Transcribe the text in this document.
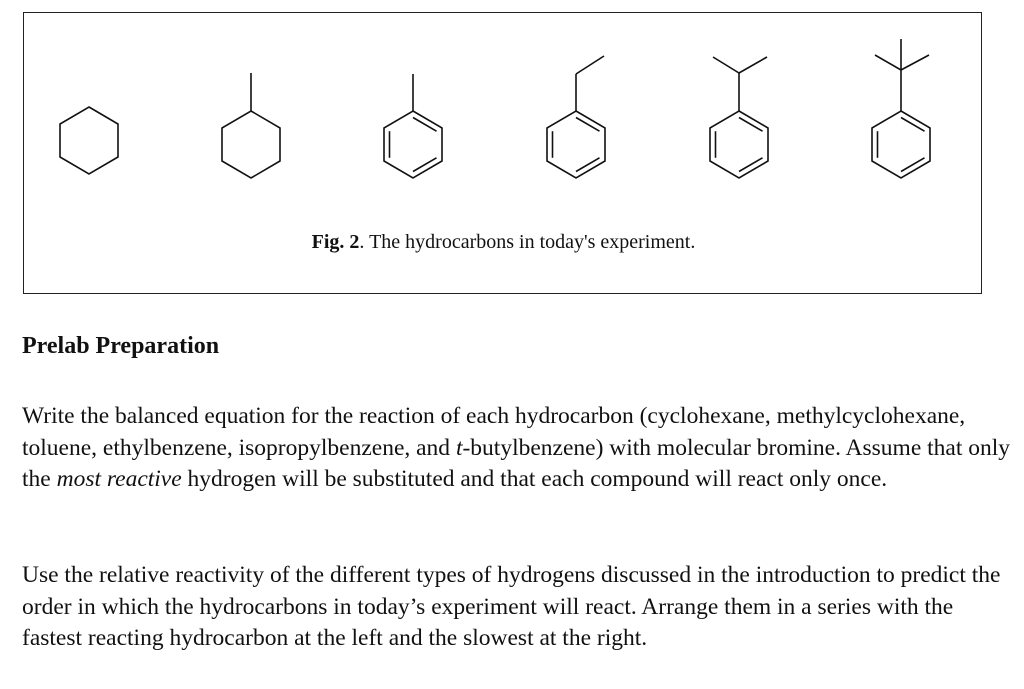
Fig. 2. The hydrocarbons in today's experiment.
Prelab Preparation

Write the balanced equation for the reaction of each hydrocarbon (cyclohexane, methylcyclohexane, toluene, ethylbenzene, isopropylbenzene, and t-butylbenzene) with molecular bromine. Assume that only the most reactive hydrogen will be substituted and that each compound will react only once.

Use the relative reactivity of the different types of hydrogens discussed in the introduction to predict the order in which the hydrocarbons in today’s experiment will react. Arrange them in a series with the fastest reacting hydrocarbon at the left and the slowest at the right.
